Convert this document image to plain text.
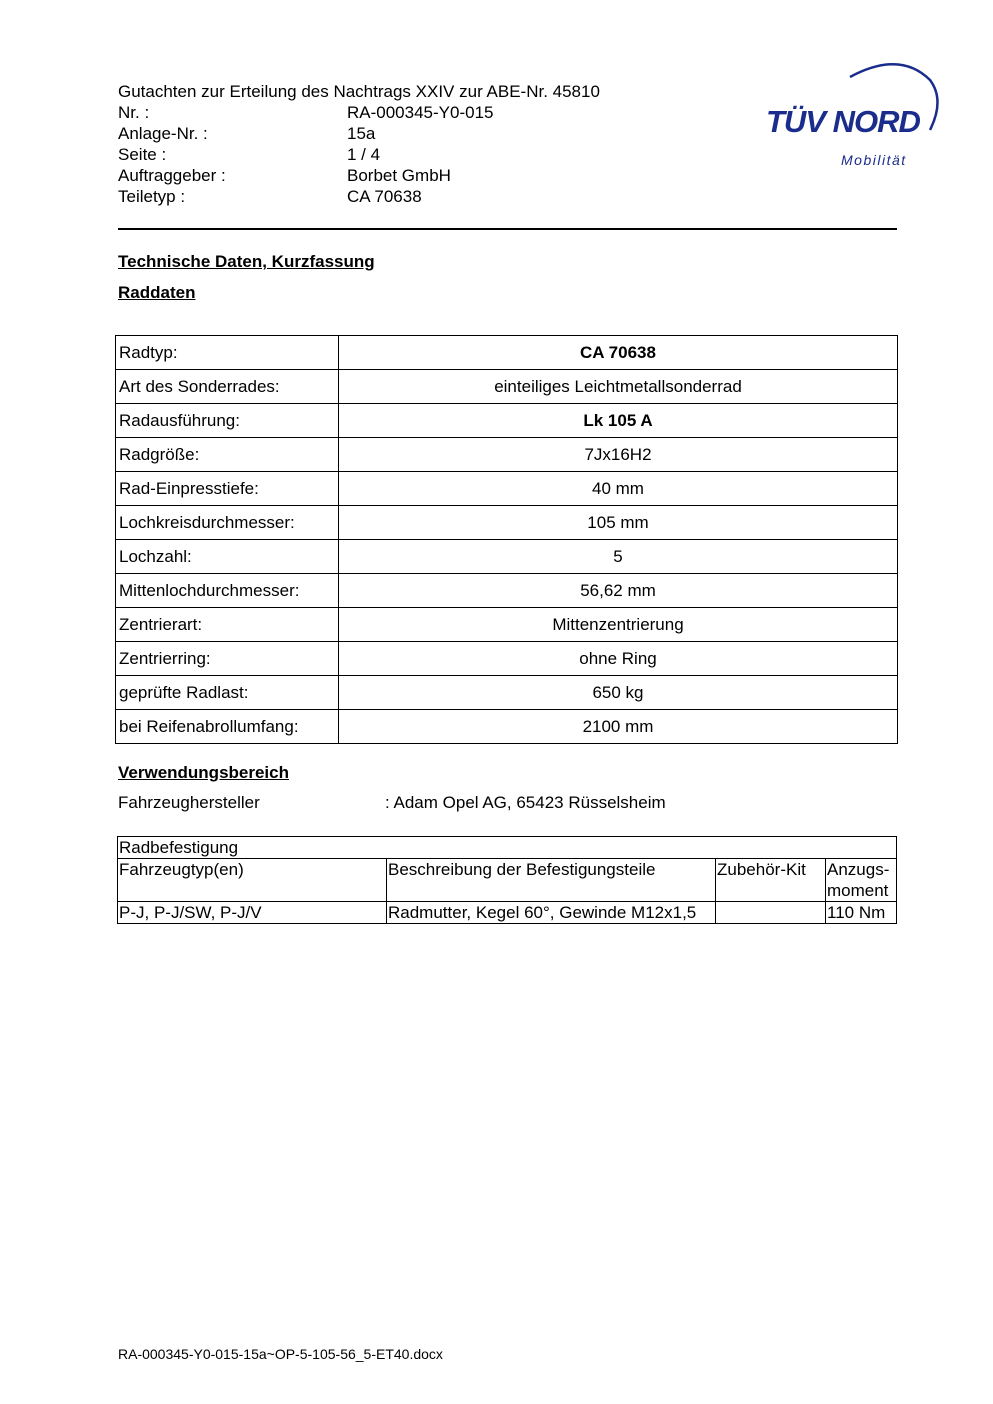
Gutachten zur Erteilung des Nachtrags XXIV zur ABE-Nr. 45810
Nr. :	RA-000345-Y0-015
Anlage-Nr. :	15a
Seite :	1 / 4
Auftraggeber :	Borbet GmbH
Teiletyp :	CA 70638
TÜV NORD
Mobilität
Technische Daten, Kurzfassung
Raddaten
Radtyp:	CA 70638
Art des Sonderrades:	einteiliges Leichtmetallsonderrad
Radausführung:	Lk 105 A
Radgröße:	7Jx16H2
Rad-Einpresstiefe:	40 mm
Lochkreisdurchmesser:	105 mm
Lochzahl:	5
Mittenlochdurchmesser:	56,62 mm
Zentrierart:	Mittenzentrierung
Zentrierring:	ohne Ring
geprüfte Radlast:	650 kg
bei Reifenabrollumfang:	2100 mm
Verwendungsbereich
Fahrzeughersteller	: Adam Opel AG, 65423 Rüsselsheim
Radbefestigung			
Fahrzeugtyp(en)	Beschreibung der Befestigungsteile	Zubehör-Kit	Anzugs-moment
P-J, P-J/SW, P-J/V	Radmutter, Kegel 60°, Gewinde M12x1,5		110 Nm
RA-000345-Y0-015-15a~OP-5-105-56_5-ET40.docx
